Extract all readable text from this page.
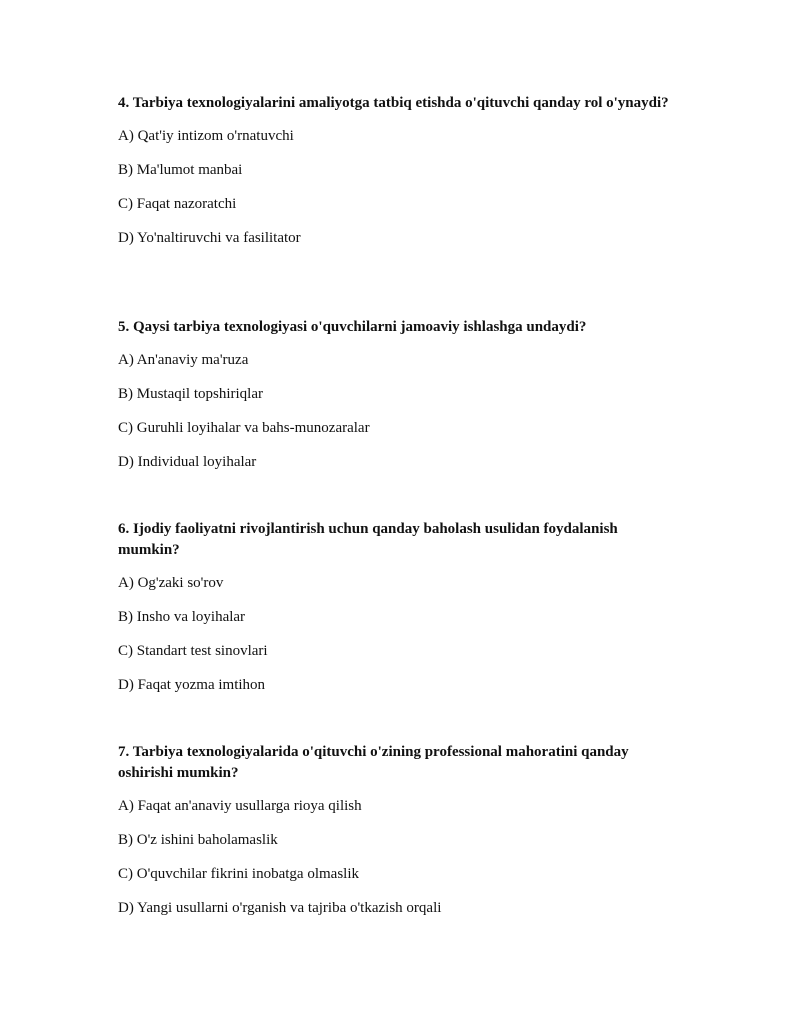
4. Tarbiya texnologiyalarini amaliyotga tatbiq etishda o'qituvchi qanday rol o'ynaydi?
A) Qat'iy intizom o'rnatuvchi
B) Ma'lumot manbai
C) Faqat nazoratchi
D) Yo'naltiruvchi va fasilitator
5. Qaysi tarbiya texnologiyasi o'quvchilarni jamoaviy ishlashga undaydi?
A) An'anaviy ma'ruza
B) Mustaqil topshiriqlar
C) Guruhli loyihalar va bahs-munozaralar
D) Individual loyihalar
6. Ijodiy faoliyatni rivojlantirish uchun qanday baholash usulidan foydalanish mumkin?
A) Og'zaki so'rov
B) Insho va loyihalar
C) Standart test sinovlari
D) Faqat yozma imtihon
7. Tarbiya texnologiyalarida o'qituvchi o'zining professional mahoratini qanday oshirishi mumkin?
A) Faqat an'anaviy usullarga rioya qilish
B) O'z ishini baholamaslik
C) O'quvchilar fikrini inobatga olmaslik
D) Yangi usullarni o'rganish va tajriba o'tkazish orqali
